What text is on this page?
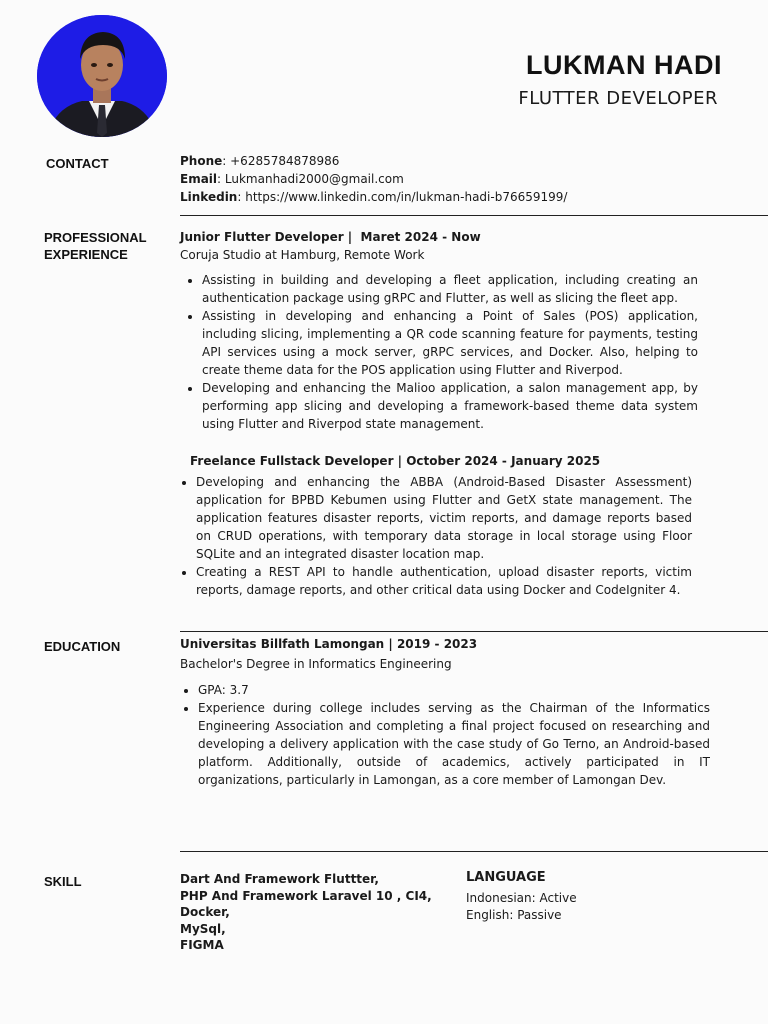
LUKMAN HADI
FLUTTER DEVELOPER
CONTACT	Phone: +6285784878986
Email: Lukmanhadi2000@gmail.com
Linkedin: https://www.linkedin.com/in/lukman-hadi-b76659199/
PROFESSIONAL
EXPERIENCE
Junior Flutter Developer |  Maret 2024 - Now
Coruja Studio at Hamburg, Remote Work
• Assisting in building and developing a fleet application, including creating an authentication package using gRPC and Flutter, as well as slicing the fleet app.
• Assisting in developing and enhancing a Point of Sales (POS) application, including slicing, implementing a QR code scanning feature for payments, testing API services using a mock server, gRPC services, and Docker. Also, helping to create theme data for the POS application using Flutter and Riverpod.
• Developing and enhancing the Malioo application, a salon management app, by performing app slicing and developing a framework-based theme data system using Flutter and Riverpod state management.
Freelance Fullstack Developer | October 2024 - January 2025
• Developing and enhancing the ABBA (Android-Based Disaster Assessment) application for BPBD Kebumen using Flutter and GetX state management. The application features disaster reports, victim reports, and damage reports based on CRUD operations, with temporary data storage in local storage using Floor SQLite and an integrated disaster location map.
• Creating a REST API to handle authentication, upload disaster reports, victim reports, damage reports, and other critical data using Docker and CodeIgniter 4.
EDUCATION	Universitas Billfath Lamongan | 2019 - 2023
Bachelor's Degree in Informatics Engineering
• GPA: 3.7
• Experience during college includes serving as the Chairman of the Informatics Engineering Association and completing a final project focused on researching and developing a delivery application with the case study of Go Terno, an Android-based platform. Additionally, outside of academics, actively participated in IT organizations, particularly in Lamongan, as a core member of Lamongan Dev.
SKILL	Dart And Framework Fluttter,
PHP And Framework Laravel 10 , CI4,
Docker,
MySql,
FIGMA
LANGUAGE
Indonesian: Active
English: Passive
